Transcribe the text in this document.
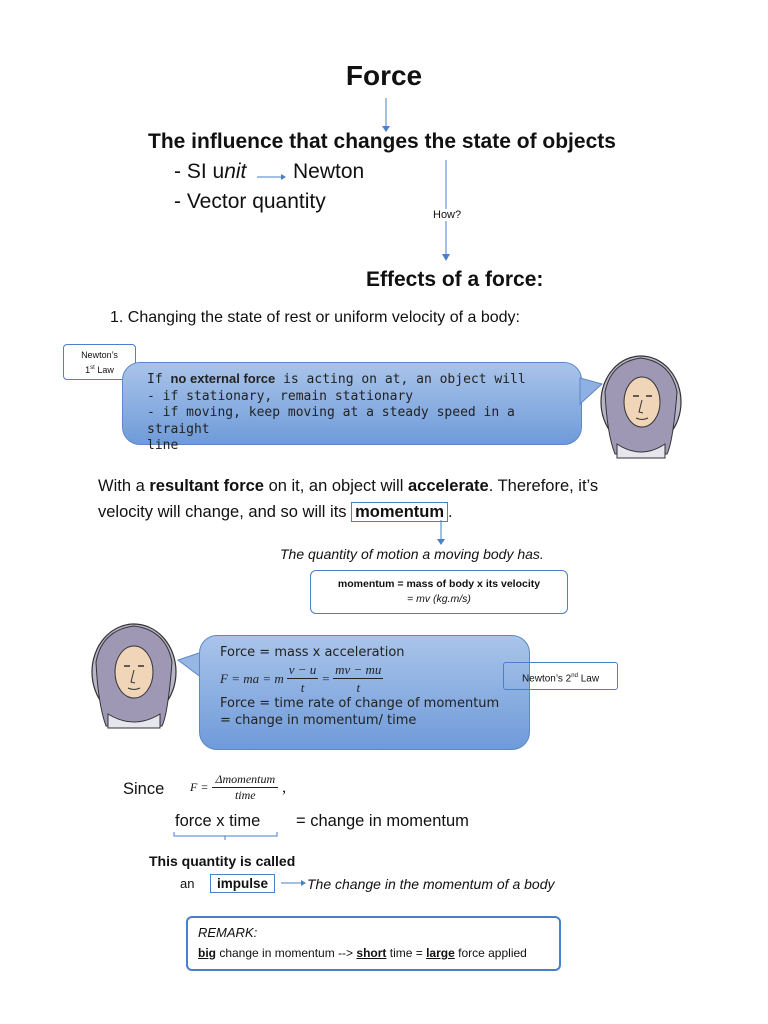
Force
The influence that changes the state of objects
- SI unit Newton
- Vector quantity
How?
Effects of a force:
1. Changing the state of rest or uniform velocity of a body:
Newton’s
1st Law
If no external force is acting on at, an object will
- if stationary, remain stationary
- if moving, keep moving at a steady speed in a straight
line
With a resultant force on it, an object will accelerate. Therefore, it’s
velocity will change, and so will its momentum .
The quantity of motion a moving body has.
momentum = mass of body x its velocity
= mv (kg.m/s)
Force = mass x acceleration
F = ma = m $\frac{v - u}{t} = \frac{mv - mu}{t}$
Force = time rate of change of momentum
= change in momentum/ time
Newton’s 2nd Law
Since F =
Δmomentum
time ,
force x time = change in momentum
This quantity is called
an	impulse	The change in the momentum of a body
REMARK:
big change in momentum --> short time = large force applied
